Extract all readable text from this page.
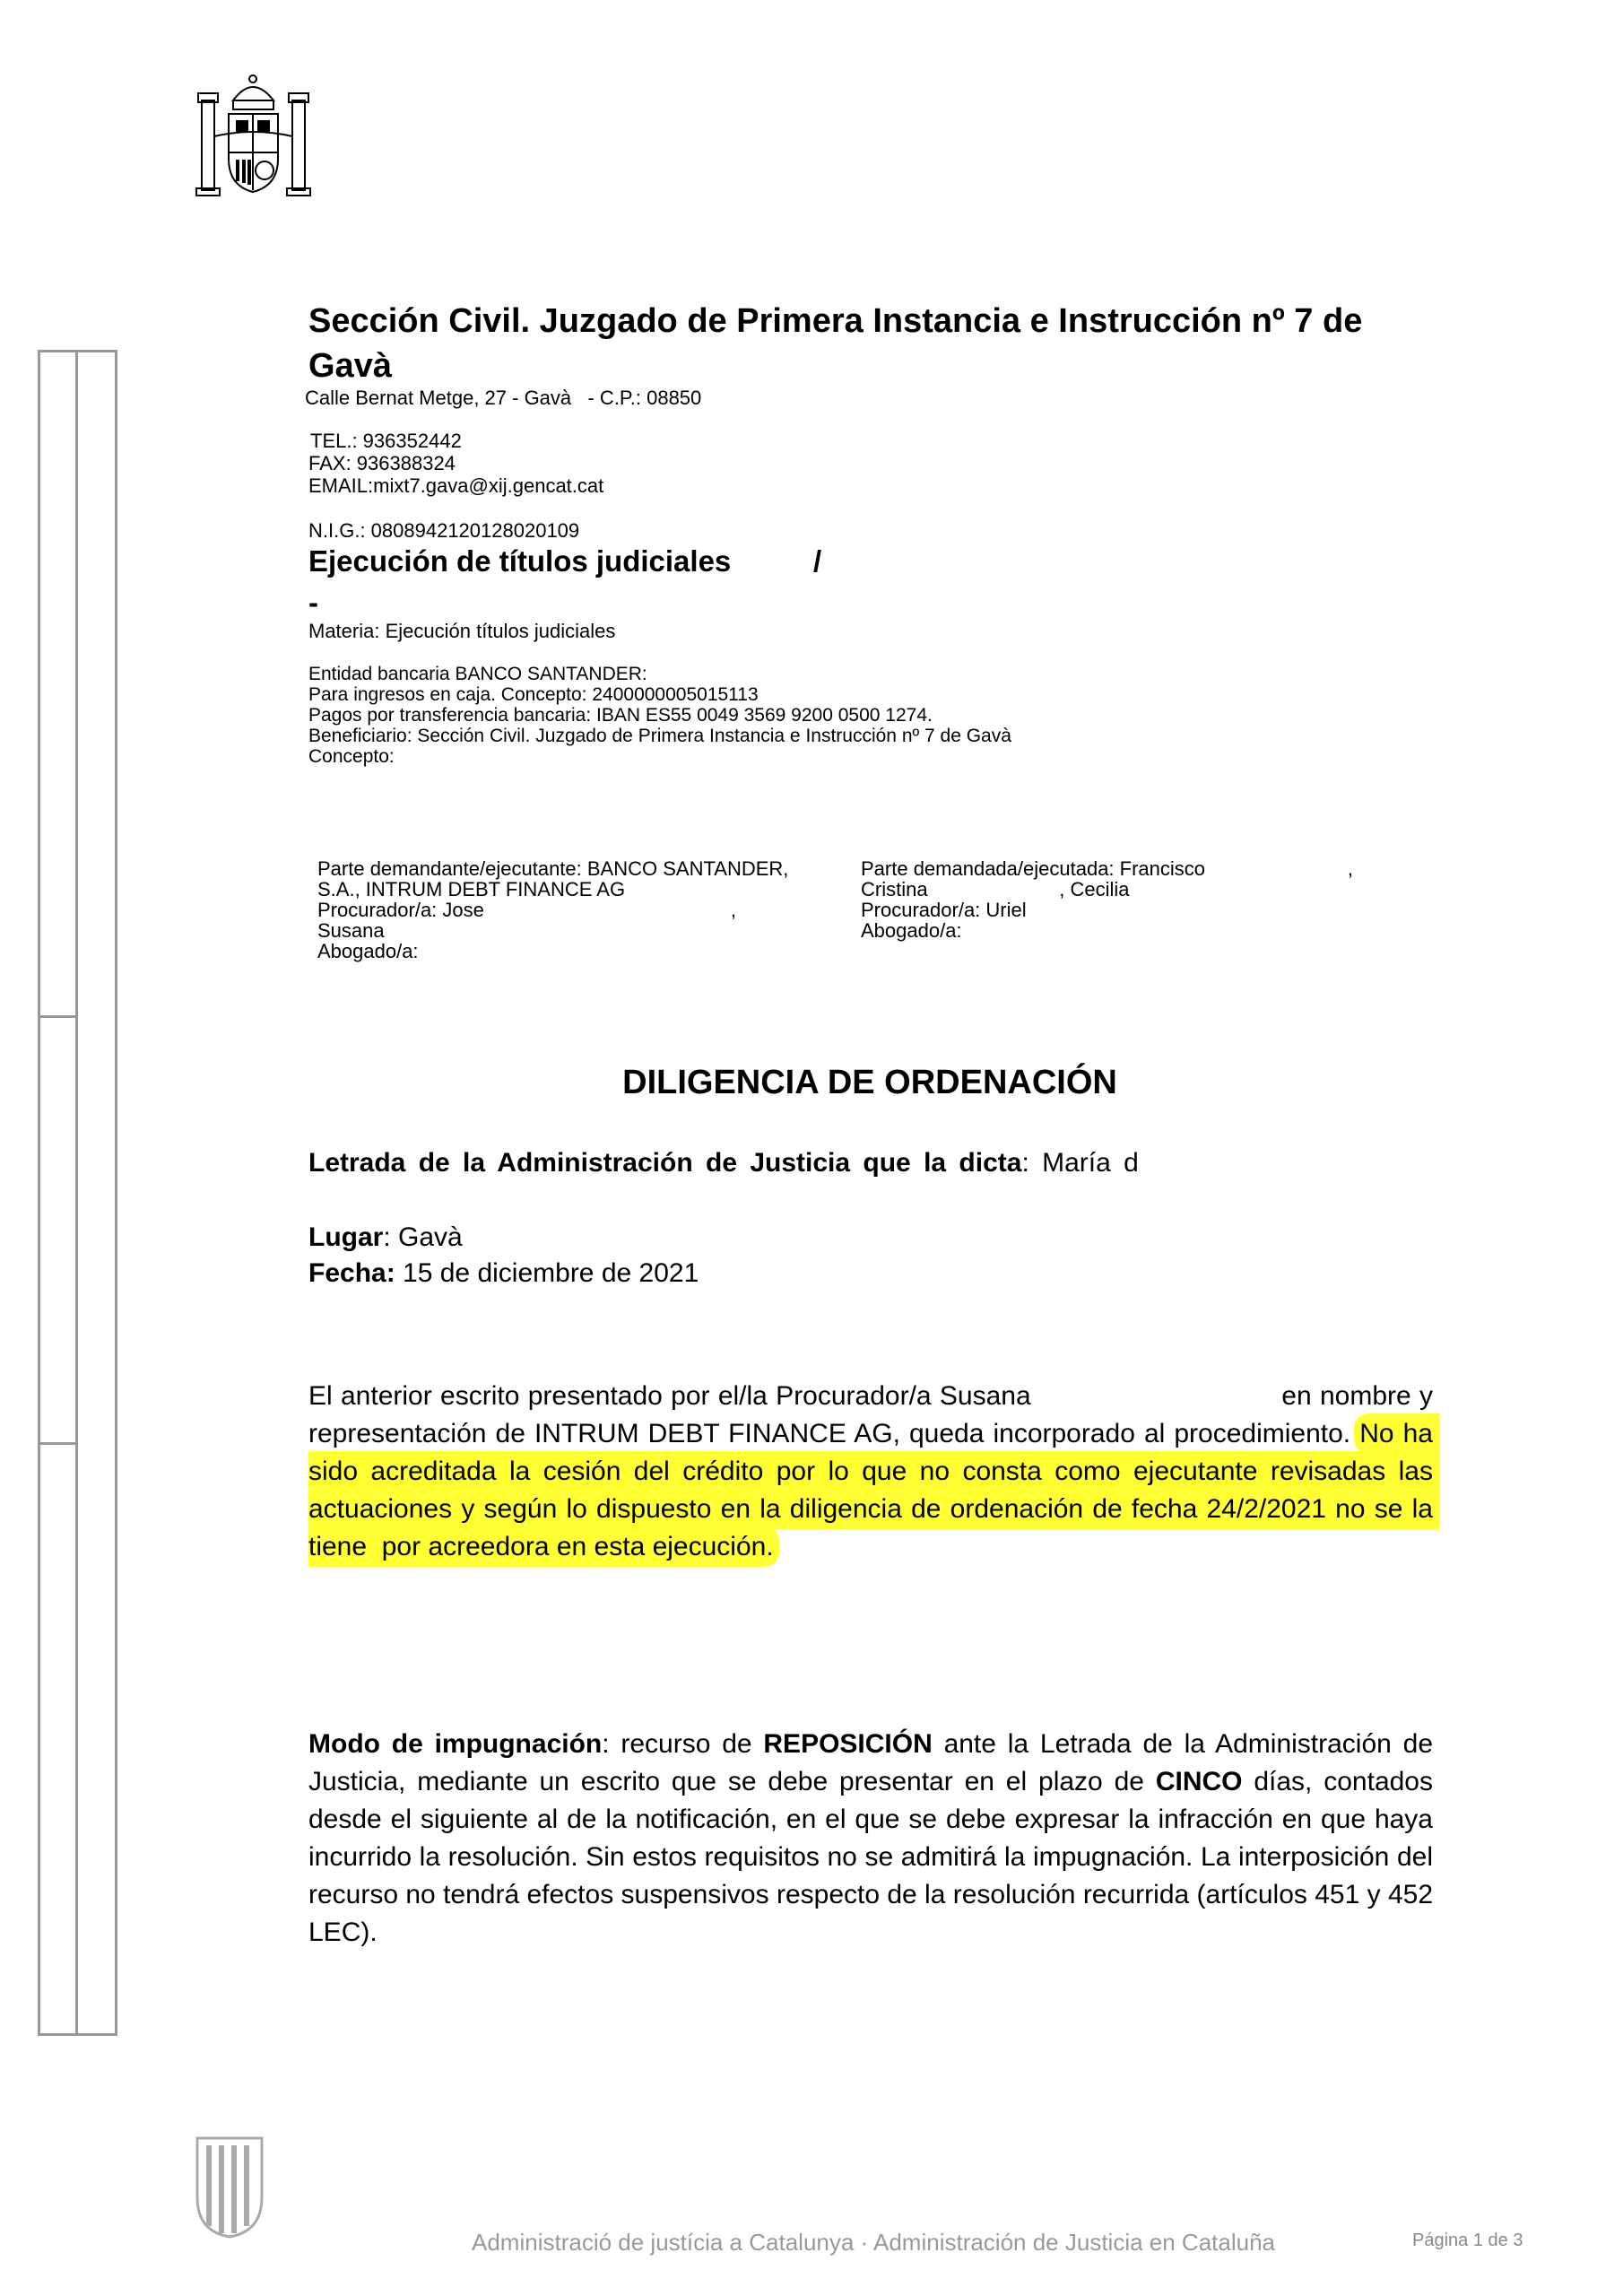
Sección Civil. Juzgado de Primera Instancia e Instrucción nº 7 de Gavà
Calle Bernat Metge, 27 - Gavà   - C.P.: 08850
TEL.: 936352442
FAX: 936388324
EMAIL:mixt7.gava@xij.gencat.cat
N.I.G.: 0808942120128020109
Ejecución de títulos judiciales	/
-
Materia: Ejecución títulos judiciales
Entidad bancaria BANCO SANTANDER:
Para ingresos en caja. Concepto: 2400000005015113
Pagos por transferencia bancaria: IBAN ES55 0049 3569 9200 0500 1274.
Beneficiario: Sección Civil. Juzgado de Primera Instancia e Instrucción nº 7 de Gavà
Concepto:
Parte demandante/ejecutante: BANCO SANTANDER,
S.A., INTRUM DEBT FINANCE AG
Procurador/a: Jose                                             ,
Susana
Abogado/a:
Parte demandada/ejecutada: Francisco                          ,
Cristina                        , Cecilia
Procurador/a: Uriel
Abogado/a:
DILIGENCIA DE ORDENACIÓN
Letrada de la Administración de Justicia que la dicta: María d
Lugar: Gavà
Fecha: 15 de diciembre de 2021
El anterior escrito presentado por el/la Procurador/a Susana                              en nombre y representación de INTRUM DEBT FINANCE AG, queda incorporado al procedimiento. No ha sido acreditada la cesión del crédito por lo que no consta como ejecutante revisadas las actuaciones y según lo dispuesto en la diligencia de ordenación de fecha 24/2/2021 no se la tiene  por acreedora en esta ejecución.
Modo de impugnación: recurso de REPOSICIÓN ante la Letrada de la Administración de Justicia, mediante un escrito que se debe presentar en el plazo de CINCO días, contados desde el siguiente al de la notificación, en el que se debe expresar la infracción en que haya incurrido la resolución. Sin estos requisitos no se admitirá la impugnación. La interposición del recurso no tendrá efectos suspensivos respecto de la resolución recurrida (artículos 451 y 452 LEC).
Administració de justícia a Catalunya · Administración de Justicia en Cataluña	Página 1 de 3
